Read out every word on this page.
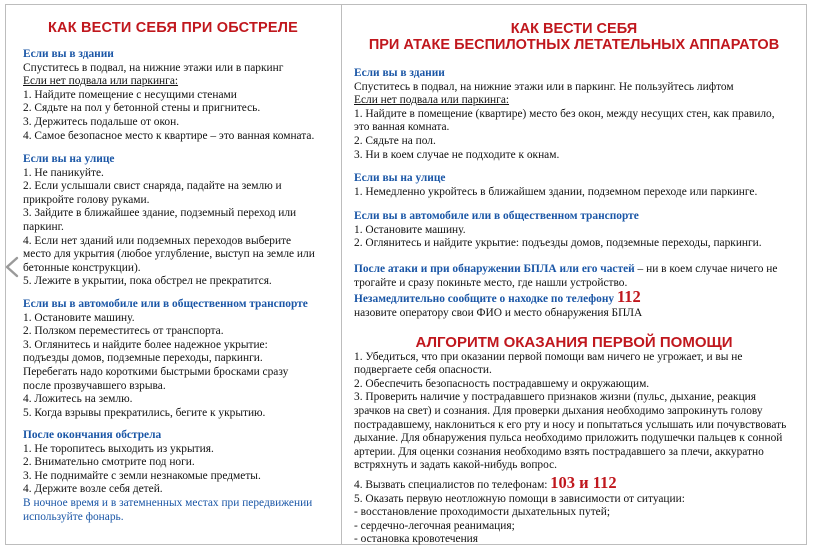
КАК ВЕСТИ СЕБЯ ПРИ ОБСТРЕЛЕ

Если вы в здании

Спуститесь в подвал, на нижние этажи или в паркинг

Если нет подвала или паркинга:

1. Найдите помещение с несущими стенами

2. Сядьте на пол у бетонной стены и пригнитесь.

3. Держитесь подальше от окон.

4. Самое безопасное место к квартире – это ванная комната.

Если вы на улице

1. Не паникуйте.

2. Если услышали свист снаряда, падайте на землю и

прикройте голову руками.

3. Зайдите в ближайшее здание, подземный переход или

паркинг.

4. Если нет зданий или подземных переходов выберите

место для укрытия (любое углубление, выступ на земле или

бетонные конструкции).

5. Лежите в укрытии, пока обстрел не прекратится.

Если вы в автомобиле или в общественном транспорте

1. Остановите машину.

2. Ползком переместитесь от транспорта.

3. Оглянитесь и найдите более надежное укрытие:

подъезды домов, подземные переходы, паркинги.

Перебегать надо короткими быстрыми бросками сразу

после прозвучавшего взрыва.

4. Ложитесь на землю.

5. Когда взрывы прекратились, бегите к укрытию.

После окончания обстрела

1. Не торопитесь выходить из укрытия.

2. Внимательно смотрите под ноги.

3. Не поднимайте с земли незнакомые предметы.

4. Держите возле себя детей.

В ночное время и в затемненных местах при передвижении

используйте фонарь.

КАК ВЕСТИ СЕБЯ
ПРИ АТАКЕ БЕСПИЛОТНЫХ ЛЕТАТЕЛЬНЫХ АППАРАТОВ

Если вы в здании

Спуститесь в подвал, на нижние этажи или в паркинг. Не пользуйтесь лифтом

Если нет подвала или паркинга:

1. Найдите в помещение (квартире) место без окон, между несущих стен, как правило,

это ванная комната.

2. Сядьте на пол.

3. Ни в коем случае не подходите к окнам.

Если вы на улице

1. Немедленно укройтесь в ближайшем здании, подземном переходе или паркинге.

Если вы в автомобиле или в общественном транспорте

1. Остановите машину.

2. Оглянитесь и найдите укрытие: подъезды домов, подземные переходы, паркинги.

После атаки и при обнаружении БПЛА или его частей – ни в коем случае ничего не

трогайте и сразу покиньте место, где нашли устройство.

Незамедлительно сообщите о находке по телефону 112

назовите оператору свои ФИО и место обнаружения БПЛА

АЛГОРИТМ ОКАЗАНИЯ ПЕРВОЙ ПОМОЩИ

1. Убедиться, что при оказании первой помощи вам ничего не угрожает, и вы не

подвергаете себя опасности.

2. Обеспечить безопасность пострадавшему и окружающим.

3. Проверить наличие у пострадавшего признаков жизни (пульс, дыхание, реакция

зрачков на свет) и сознания. Для проверки дыхания необходимо запрокинуть голову

пострадавшему, наклониться к его рту и носу и попытаться услышать или почувствовать

дыхание. Для обнаружения пульса необходимо приложить подушечки пальцев к сонной

артерии. Для оценки сознания необходимо взять пострадавшего за плечи, аккуратно

встряхнуть и задать какой-нибудь вопрос.

4. Вызвать специалистов по телефонам: 103 и 112

5. Оказать первую неотложную помощи в зависимости от ситуации:

- восстановление проходимости дыхательных путей;

- сердечно-легочная реанимация;

- остановка кровотечения
